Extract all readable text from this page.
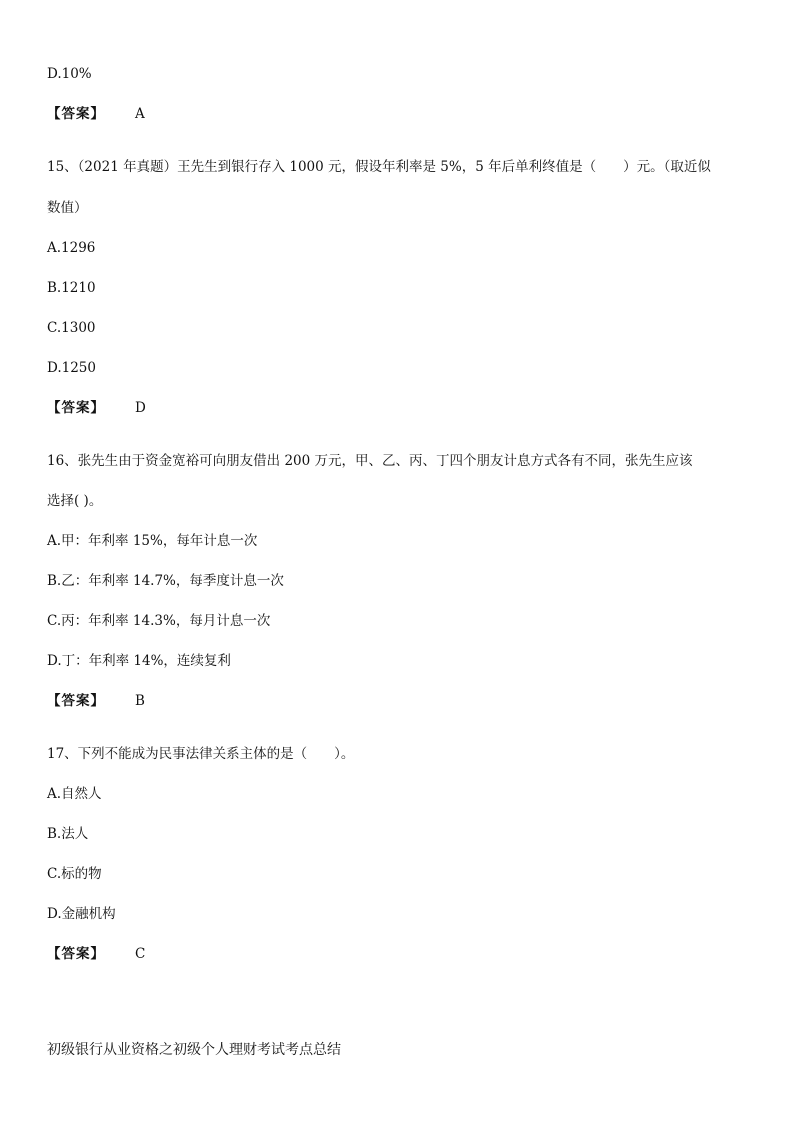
D.10%
【答案】 A
15、（2021 年真题）王先生到银行存入 1000 元，假设年利率是 5%，5 年后单利终值是（　　）元。（取近似
数值）
A.1296
B.1210
C.1300
D.1250
【答案】 D
16、张先生由于资金宽裕可向朋友借出 200 万元，甲、乙、丙、丁四个朋友计息方式各有不同，张先生应该
选择( )。
A.甲：年利率 15%，每年计息一次
B.乙：年利率 14.7%，每季度计息一次
C.丙：年利率 14.3%，每月计息一次
D.丁：年利率 14%，连续复利
【答案】 B
17、下列不能成为民事法律关系主体的是（　　）。
A.自然人
B.法人
C.标的物
D.金融机构
【答案】 C
初级银行从业资格之初级个人理财考试考点总结
